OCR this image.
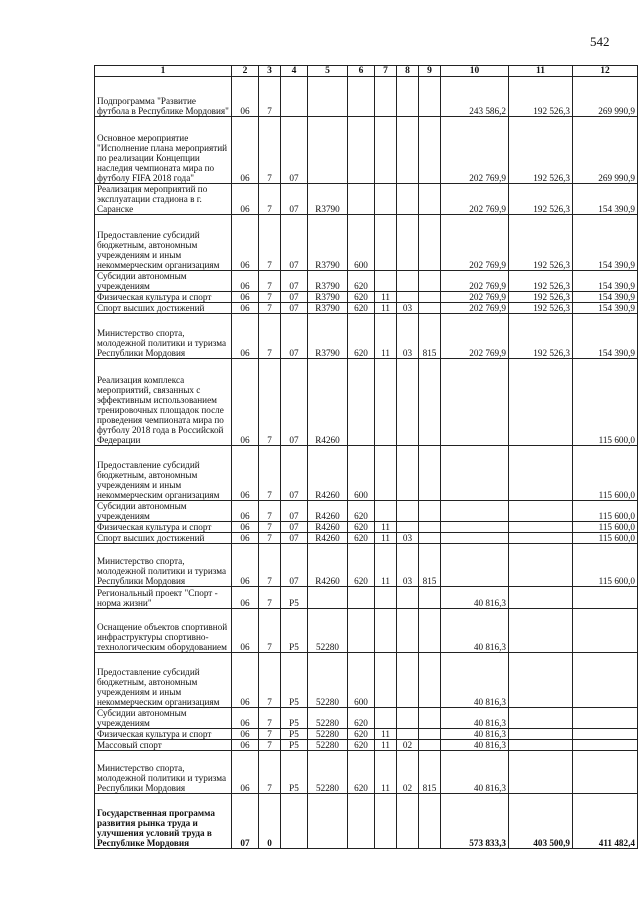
542
1	2	3	4	5	6	7	8	9	10	11	12
Подпрограмма "Развитие футбола в Республике Мордовия"	06	7							243 586,2	192 526,3	269 990,9
Основное мероприятие "Исполнение плана мероприятий по реализации Концепции наследия чемпионата мира по футболу FIFA 2018 года"	06	7	07						202 769,9	192 526,3	269 990,9
Реализация мероприятий по эксплуатации стадиона в г. Саранске	06	7	07	R3790					202 769,9	192 526,3	154 390,9
Предоставление субсидий бюджетным, автономным учреждениям и иным некоммерческим организациям	06	7	07	R3790	600				202 769,9	192 526,3	154 390,9
Субсидии автономным учреждениям	06	7	07	R3790	620				202 769,9	192 526,3	154 390,9
Физическая культура и спорт	06	7	07	R3790	620	11			202 769,9	192 526,3	154 390,9
Спорт высших достижений	06	7	07	R3790	620	11	03		202 769,9	192 526,3	154 390,9
Министерство спорта, молодежной политики и туризма Республики Мордовия	06	7	07	R3790	620	11	03	815	202 769,9	192 526,3	154 390,9
Реализация комплекса мероприятий, связанных с эффективным использованием тренировочных площадок после проведения чемпионата мира по футболу 2018 года в Российской Федерации	06	7	07	R4260							115 600,0
Предоставление субсидий бюджетным, автономным учреждениям и иным некоммерческим организациям	06	7	07	R4260	600						115 600,0
Субсидии автономным учреждениям	06	7	07	R4260	620						115 600,0
Физическая культура и спорт	06	7	07	R4260	620	11					115 600,0
Спорт высших достижений	06	7	07	R4260	620	11	03				115 600,0
Министерство спорта, молодежной политики и туризма Республики Мордовия	06	7	07	R4260	620	11	03	815			115 600,0
Региональный проект "Спорт - норма жизни"	06	7	P5						40 816,3		
Оснащение объектов спортивной инфраструктуры спортивно-технологическим оборудованием	06	7	P5	52280					40 816,3		
Предоставление субсидий бюджетным, автономным учреждениям и иным некоммерческим организациям	06	7	P5	52280	600				40 816,3		
Субсидии автономным учреждениям	06	7	P5	52280	620				40 816,3		
Физическая культура и спорт	06	7	P5	52280	620	11			40 816,3		
Массовый спорт	06	7	P5	52280	620	11	02		40 816,3		
Министерство спорта, молодежной политики и туризма Республики Мордовия	06	7	P5	52280	620	11	02	815	40 816,3		
Государственная программа развития рынка труда и улучшения условий труда в Республике Мордовия	07	0							573 833,3	403 500,9	411 482,4
